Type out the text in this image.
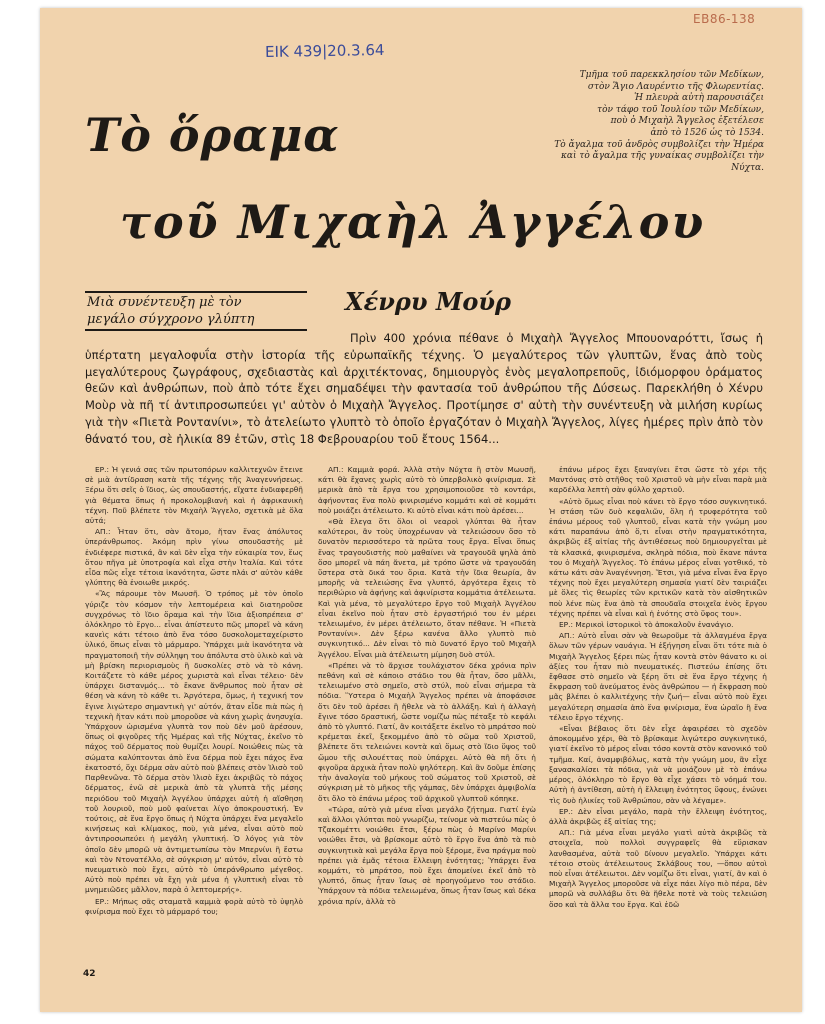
ΕΒ86-138
ΕΙΚ 439|20.3.64
Τμῆμα τοῦ παρεκκλησίου τῶν Μεδίκων,
στὸν Ἅγιο Λαυρέντιο τῆς Φλωρεντίας.
Ἡ πλευρὰ αὐτὴ παρουσιάζει
τὸν τάφο τοῦ Ἰουλίου τῶν Μεδίκων,
ποὺ ὁ Μιχαὴλ Ἄγγελος ἐξετέλεσε
ἀπὸ τὸ 1526 ὡς τὸ 1534.
Τὸ ἄγαλμα τοῦ ἀνδρὸς συμβολίζει τὴν Ἡμέρα
καὶ τὸ ἄγαλμα τῆς γυναίκας συμβολίζει τὴν Νύχτα.
Τὸ ὅραμα
τοῦ Μιχαὴλ Ἀγγέλου
Μιὰ συνέντευξη μὲ τὸν
μεγάλο σύγχρονο γλύπτη
Χένρυ Μούρ

Πρὶν 400 χρόνια πέθανε ὁ Μιχαὴλ Ἄγγελος Μπουοναρόττι, ἴσως ἡ ὑπέρτατη μεγαλοφυΐα στὴν ἱστορία τῆς εὐρωπαϊκῆς τέχνης. Ὁ μεγαλύτερος τῶν γλυπτῶν, ἕνας ἀπὸ τοὺς μεγαλύτερους ζωγράφους, σχεδιαστὰς καὶ ἀρχιτέκτονας, δημιουργὸς ἑνὸς μεγαλοπρεποῦς, ἰδιόμορφου ὁράματος θεῶν καὶ ἀνθρώπων, ποὺ ἀπὸ τότε ἔχει σημαδέψει τὴν φαντασία τοῦ ἀνθρώπου τῆς Δύσεως. Παρεκλήθη ὁ Χένρυ Μοὺρ νὰ πῆ τί ἀντιπροσωπεύει γι' αὐτὸν ὁ Μιχαὴλ Ἄγγελος. Προτίμησε σ' αὐτὴ τὴν συνέντευξη νὰ μιλήση κυρίως γιὰ τὴν «Πιετὰ Ροντανίνι», τὸ ἀτελείωτο γλυπτὸ τὸ ὁποῖο ἐργαζόταν ὁ Μιχαὴλ Ἄγγελος, λίγες ἡμέρες πρὶν ἀπὸ τὸν θάνατό του, σὲ ἡλικία 89 ἐτῶν, στὶς 18 Φεβρουαρίου τοῦ ἔτους 1564...

ΕΡ.: Ἡ γενιά σας τῶν πρωτοπόρων καλλιτεχνῶν ἔτεινε σὲ μιὰ ἀντίδραση κατὰ τῆς τέχνης τῆς Ἀναγεννήσεως. Ξέρω ὅτι σεῖς ὁ ἴδιος, ὡς σπουδαστής, εἴχατε ἐνδιαφερθῆ γιὰ θέματα ὅπως ἡ προκολομβιανὴ καὶ ἡ ἀφρικανικὴ τέχνη. Ποῦ βλέπετε τὸν Μιχαὴλ Ἄγγελο, σχετικὰ μὲ ὅλα αὐτά;

ΑΠ.: Ἦταν ὅτι, σὰν ἄτομο, ἤταν ἕνας ἀπόλυτος ὑπεράνθρωπος. Ἀκόμη πρὶν γίνω σπουδαστὴς μὲ ἐνδιέφερε πιστικά, ἂν καὶ δὲν εἶχα τὴν εὐκαιρία τον, ἕως ὅτου πῆγα μὲ ὑποτροφία καὶ εἶχα στὴν Ἰταλία. Καὶ τότε εἶδα πῶς εἶχε τέτοια ἱκανότητα, ὥστε πλάι σ' αὐτὸν κάθε γλύπτης θὰ ἐνοιωθε μικρός.

«Ἂς πάρουμε τὸν Μωυσῆ. Ὁ τρόπος μὲ τὸν ὁποῖο γύριζε τὸν κόσμον τὴν λεπτομέρεια καὶ διατηροῦσε συγχρόνως τὸ ἴδιο ὅραμα καὶ τὴν ἴδια ἀξιοπρέπεια σ' ὁλόκληρο τὸ ἔργο... εἶναι ἀπίστευτο πῶς μπορεῖ νὰ κάνη κανεὶς κάτι τέτοιο ἀπὸ ἕνα τόσο δυσκολομεταχείριστο ὑλικό, ὅπως εἶναι τὸ μάρμαρο. Ὑπάρχει μιὰ ἱκανότητα νὰ πραγματοποιῆ τὴν σύλληψη του ἀπόλυτα στὸ ὑλικὸ καὶ νὰ μὴ βρίσκη περιορισμοὺς ἢ δυσκολίες στὸ νὰ τὸ κάνη. Κοιτάζετε τὸ κάθε μέρος χωριστὰ καὶ εἶναι τέλειο· δὲν ὑπάρχει διστανμός... τὸ ἔκανε ἄνθρωπος ποὺ ἦταν σὲ θέση νὰ κάνη τὸ κάθε τι. Ἀργότερα, ὅμως, ἡ τεχνική τον ἔγινε λιγώτερο σημαντικὴ γι' αὐτόν, ἄταν εἶδε πιὰ πὼς ἡ τεχνικὴ ἤταν κάτι ποὺ μποροῦσε νὰ κάνη χωρὶς ἀνησυχία. Ὑπάρχουν ὡρισμένα γλυπτὰ τον ποὺ δὲν μοῦ ἀρέσουν, ὅπως οἱ φιγοῦρες τῆς Ἡμέρας καὶ τῆς Νύχτας, ἐκεῖνο τὸ πάχος τοῦ δέρματος ποὺ θυμίζει λουρί. Νοιώθεις πὼς τὰ σώματα καλύπτονται ἀπὸ ἕνα δέρμα ποὺ ἔχει πάχος ἕνα ἑκατοστό, ὅχι δέρμα σὰν αὐτὸ ποὺ βλέπεις στὸν Ἰλισὸ τοῦ Παρθενῶνα. Τὸ δέρμα στὸν Ἰλισὸ ἔχει ἀκριβῶς τὸ πάχος δέρματος, ἐνῶ σὲ μερικὰ ἀπὸ τὰ γλυπτὰ τῆς μέσης περιόδου τοῦ Μιχαὴλ Ἀγγέλου ὑπάρχει αὐτὴ ἡ αἴσθηση τοῦ λουριοῦ, ποὺ μοῦ φαίνεται λίγο ἀποκρουστική. Ἐν τούτοις, σὲ ἕνα ἔργο ὅπως ἡ Νύχτα ὑπάρχει ἕνα μεγαλεῖο κινήσεως καὶ κλίμακος, ποὺ, γιὰ μένα, εἶναι αὐτὸ ποὺ ἀντιπροσωπεύει ἡ μεγάλη γλυπτική. Ὁ λόγος γιὰ τὸν ὁποῖο δὲν μπορῶ νὰ ἀντιμετωπίσω τὸν Μπερνίνι ἢ ἔστω καὶ τὸν Ντονατέλλο, σὲ σύγκριση μ' αὐτόν, εἶναι αὐτὸ τὸ πνευματικὸ ποὺ ἔχει, αὐτὸ τὸ ὑπεράνθρωπο μέγεθος. Αὐτὸ ποὺ πρέπει νὰ ἔχη γιὰ μένα ἡ γλυπτικὴ εἶναι τὸ μνημειῶδες μᾶλλον, παρὰ ὁ λεπτομερής».

ΕΡ.: Μήπως σᾶς σταματᾶ καμμιὰ φορὰ αὐτὸ τὸ ὑψηλὸ φινίρισμα ποὺ ἔχει τὸ μάρμαρό του;

ΑΠ.: Καμμιὰ φορά. Ἀλλὰ στὴν Νύχτα ἢ στὸν Μωυσῆ, κάτι θὰ ἔχανες χωρὶς αὐτὸ τὸ ὑπερβολικὸ φινίρισμα. Σὲ μερικὰ ἀπὸ τὰ ἔργα του χρησιμοποιοῦσε τὸ κοντάρι, ἀφήνοντας ἕνα πολὺ φινιρισμένο κομμάτι καὶ σὲ κομμάτι ποὺ μοιάζει ἀτέλειωτο. Κι αὐτὸ εἶναι κάτι ποὺ ἀρέσει...

«Θὰ ἔλεγα ὅτι ὅλοι οἱ νεαροὶ γλύπται θὰ ἦταν καλύτεροι, ἂν τοὺς ὑποχρέωναν νὰ τελειώσουν ὅσο τὸ δυνατὸν περισσότερο τὰ πρῶτα τους ἔργα. Εἶναι ὅπως ἕνας τραγουδιστὴς ποὺ μαθαίνει νὰ τραγουδᾶ ψηλὰ ἀπὸ ὅσο μπορεῖ νὰ πάη ἄνετα, μὲ τρόπο ὥστε νὰ τραγουδάη ὕστερα στὰ δικά του ὅρια. Κατὰ τὴν ἴδια θεωρία, ἂν μπορῆς νὰ τελειώσης ἕνα γλυπτό, ἀργότερα ἔχεις τὸ περιθώριο νὰ ἀφήνης καὶ ἀφινίριστα κομμάτια ἀτέλειωτα. Καὶ γιὰ μένα, τὸ μεγαλύτερο ἔργο τοῦ Μιχαὴλ Ἀγγέλου εἶναι ἐκεῖνο ποὺ ἦταν στὸ ἐργαστήριό του ἐν μέρει τελειωμένο, ἐν μέρει ἀτέλειωτο, ὅταν πέθανε. Ἡ «Πιετὰ Ροντανίνι». Δὲν ξέρω κανένα ἄλλο γλυπτὸ πιὸ συγκινητικό... Δὲν εἶναι τὸ πιὸ δυνατό ἔργο τοῦ Μιχαὴλ Ἀγγέλου. Εἶναι μιὰ ἀτέλειωτη μίμηση δυὸ στύλ.

«Πρέπει νὰ τὸ ἄρχισε τουλάχιστον δέκα χρόνια πρὶν πεθάνη καὶ σὲ κάποιο στάδιο του θὰ ἦταν, ὅσο μᾶλλι, τελειωμένο στὸ σημεῖο, στὸ στύλ, ποὺ εἶναι σήμερα τὰ πόδια. Ὕστερα ὁ Μιχαὴλ Ἄγγελος πρέπει νὰ ἀποφάσισε ὅτι δὲν τοῦ ἀρέσει ἢ ἤθελε νὰ τὸ ἀλλάξη. Καὶ ἡ ἀλλαγὴ ἔγινε τόσο δραστική, ὥστε νομίζω πὼς πέταξε τὸ κεφάλι ἀπὸ τὸ γλυπτό. Γιατί, ἂν κοιτάξετε ἐκεῖνο τὸ μπράτσο ποὺ κρέμεται ἐκεῖ, ξεκομμένο ἀπὸ τὸ σῶμα τοῦ Χριστοῦ, βλέπετε ὅτι τελειώνει κοντὰ καὶ ὅμως στὸ ἴδιο ὕψος τοῦ ὤμου τῆς σιλουέττας ποὺ ὑπάρχει. Αὐτὸ θὰ πῆ ὅτι ἡ φιγοῦρα ἀρχικὰ ἦταν πολὺ ψηλότερη. Καὶ ἂν δοῦμε ἐπίσης τὴν ἀναλογία τοῦ μήκους τοῦ σώματος τοῦ Χριστοῦ, σὲ σύγκριση μὲ τὸ μῆκος τῆς γάμπας, δὲν ὑπάρχει ἀμφιβολία ὅτι ὅλο τὸ ἐπάνω μέρος τοῦ ἀρχικοῦ γλυπτοῦ κόπηκε.

«Τώρα, αὐτὸ γιὰ μένα εἶναι μεγάλο ζήτημα. Γιατί ἐγὼ καὶ ἄλλοι γλύπται ποὺ γνωρίζω, τείνομε νὰ πιστεύω πὼς ὁ Τζακομέττι νοιώθει ἔτσι, ξέρω πὼς ὁ Μαρίνο Μαρίνι νοιώθει ἔτσι, νὰ βρίσκομε αὐτὸ τὸ ἔργο ἕνα ἀπὸ τὰ πιὸ συγκινητικὰ καὶ μεγάλα ἔργα ποὺ ξέρομε, ἕνα πράγμα ποὺ πρέπει γιὰ ἐμᾶς τέτοια ἔλλειψη ἑνότητας; Ὑπάρχει ἕνα κομμάτι, τὸ μπράτσο, ποὺ ἔχει ἀπομείνει ἐκεῖ ἀπὸ τὸ γλυπτό, ὅπως ἦταν ἴσως σὲ προηγούμενο του στάδιο. Ὑπάρχουν τὰ πόδια τελειωμένα, ὅπως ἦταν ἴσως καὶ δέκα χρόνια πρίν, ἀλλὰ τὸ

ἐπάνω μέρος ἔχει ξαναγίνει ἔτσι ὥστε τὸ χέρι τῆς Μαντόνας στὸ στῆθος τοῦ Χριστοῦ νὰ μὴν εἶναι παρὰ μιὰ καρδέλλα λεπτὴ σὰν φύλλο χαρτιοῦ.

«Αὐτὸ ὅμως εἶναι ποὺ κάνει τὸ ἔργο τόσο συγκινητικό. Ἡ στάση τῶν δυὸ κεφαλιῶν, ὅλη ἡ τρυφερότητα τοῦ ἐπάνω μέρους τοῦ γλυπτοῦ, εἶναι κατὰ τὴν γνώμη μου κάτι παραπάνω ἀπὸ ὅ,τι εἶναι στὴν πραγματικότητα, ἀκριβῶς ἐξ αἰτίας τῆς ἀντιθέσεως ποὺ δημιουργεῖται μὲ τὰ κλασικά, φινιρισμένα, σκληρὰ πόδια, ποὺ ἔκανε πάντα του ὁ Μιχαὴλ Ἄγγελος. Τὸ ἐπάνω μέρος εἶναι γοτθικό, τὸ κάτω κάτι σὰν Ἀναγέννηση. Ἔτσι, γιὰ μένα εἶναι ἕνα ἔργο τέχνης ποὺ ἔχει μεγαλύτερη σημασία γιατί δὲν ταιριάζει μὲ ὅλες τὶς θεωρίες τῶν κριτικῶν κατὰ τὸν αἰσθητικῶν ποὺ λένε πὼς ἔνα ἀπὸ τὰ σπουδαῖα στοιχεῖα ἑνὸς ἔργου τέχνης πρέπει νὰ εἶναι καὶ ἡ ἑνότης στὸ ὕφος του».

ΕΡ.: Μερικοὶ ἱστορικοὶ τὸ ἀποκαλοῦν ἐνανάγιο.

ΑΠ.: Αὐτὸ εἶναι σὰν νὰ θεωροῦμε τὰ ἀλλαγμένα ἔργα ὅλων τῶν γέρων ναυάγια. Ἡ ἐξήγηση εἶναι ὅτι τότε πιὰ ὁ Μιχαὴλ Ἄγγελος ξέρει πὼς ἦταν κοντὰ στὸν θάνατο κι οἱ ἀξίες του ἦταν πιὸ πνευματικές. Πιστεύω ἐπίσης ὅτι ἔφθασε στὸ σημεῖο νὰ ξέρη ὅτι σὲ ἕνα ἔργο τέχνης ἡ ἔκφραση τοῦ ἀνεύματος ἑνὸς ἀνθρώπου — ἡ ἔκφραση ποὺ μᾶς βλέπει ὁ καλλιτέχνης τὴν ζωή— εἶναι αὐτὸ ποὺ ἔχει μεγαλύτερη σημασία ἀπὸ ἕνα φινίρισμα, ἕνα ὡραῖο ἢ ἕνα τέλειο ἔργο τέχνης.

«Εἶναι βέβαιος ὅτι δὲν εἶχε ἀφαιρέσει τὸ σχεδὸν ἀποκομμένο χέρι, θὰ τὸ βρίσκαμε λιγώτερο συγκινητικό, γιατί ἐκεῖνο τὸ μέρος εἶναι τόσο κοντὰ στὸν κανονικό τοῦ τμῆμα. Καί, ἀναμφιβόλως, κατὰ τὴν γνώμη μου, ἂν εἶχε ξανασκαλίσει τὰ πόδια, γιὰ νὰ μοιάζουν μὲ τὸ ἐπάνω μέρος, ὁλόκληρο τὸ ἔργο θὰ εἶχε χάσει τὸ νόημά του. Αὐτὴ ἡ ἀντίθεση, αὐτὴ ἡ ἔλλειψη ἑνότητος ὕφους, ἐνώνει τὶς δυὸ ἡλικίες τοῦ Ἀνθρώπου, σὰν νὰ λέγαμε».

ΕΡ.: Δὲν εἶναι μεγάλο, παρὰ τὴν ἔλλειψη ἑνότητος, ἀλλὰ ἀκριβῶς ἐξ αἰτίας της;

ΑΠ.: Γιὰ μένα εἶναι μεγάλο γιατὶ αὐτὰ ἀκριβῶς τὰ στοιχεῖα, ποὺ πολλοὶ συγγραφεῖς θὰ εὕρισκαν λανθασμένα, αὐτὰ τοῦ δίνουν μεγαλεῖο. Ὑπάρχει κάτι τέτοιο στοὺς ἀτέλειωτους Σκλάβους του, —ὅπου αὐτοὶ ποὺ εἶναι ἀτέλειωτοι. Δὲν νομίζω ὅτι εἶναι, γιατί, ἂν καὶ ὁ Μιχαὴλ Ἄγγελος μποροῦσε νὰ εἶχε πάει λίγο πιὸ πέρα, δὲν μπορῶ νὰ συλλάβω ὅτι θὰ ἤθελε ποτὲ νὰ τοὺς τελειώση ὅσο καὶ τὰ ἄλλα του ἔργα. Καὶ ἐδῶ

42
